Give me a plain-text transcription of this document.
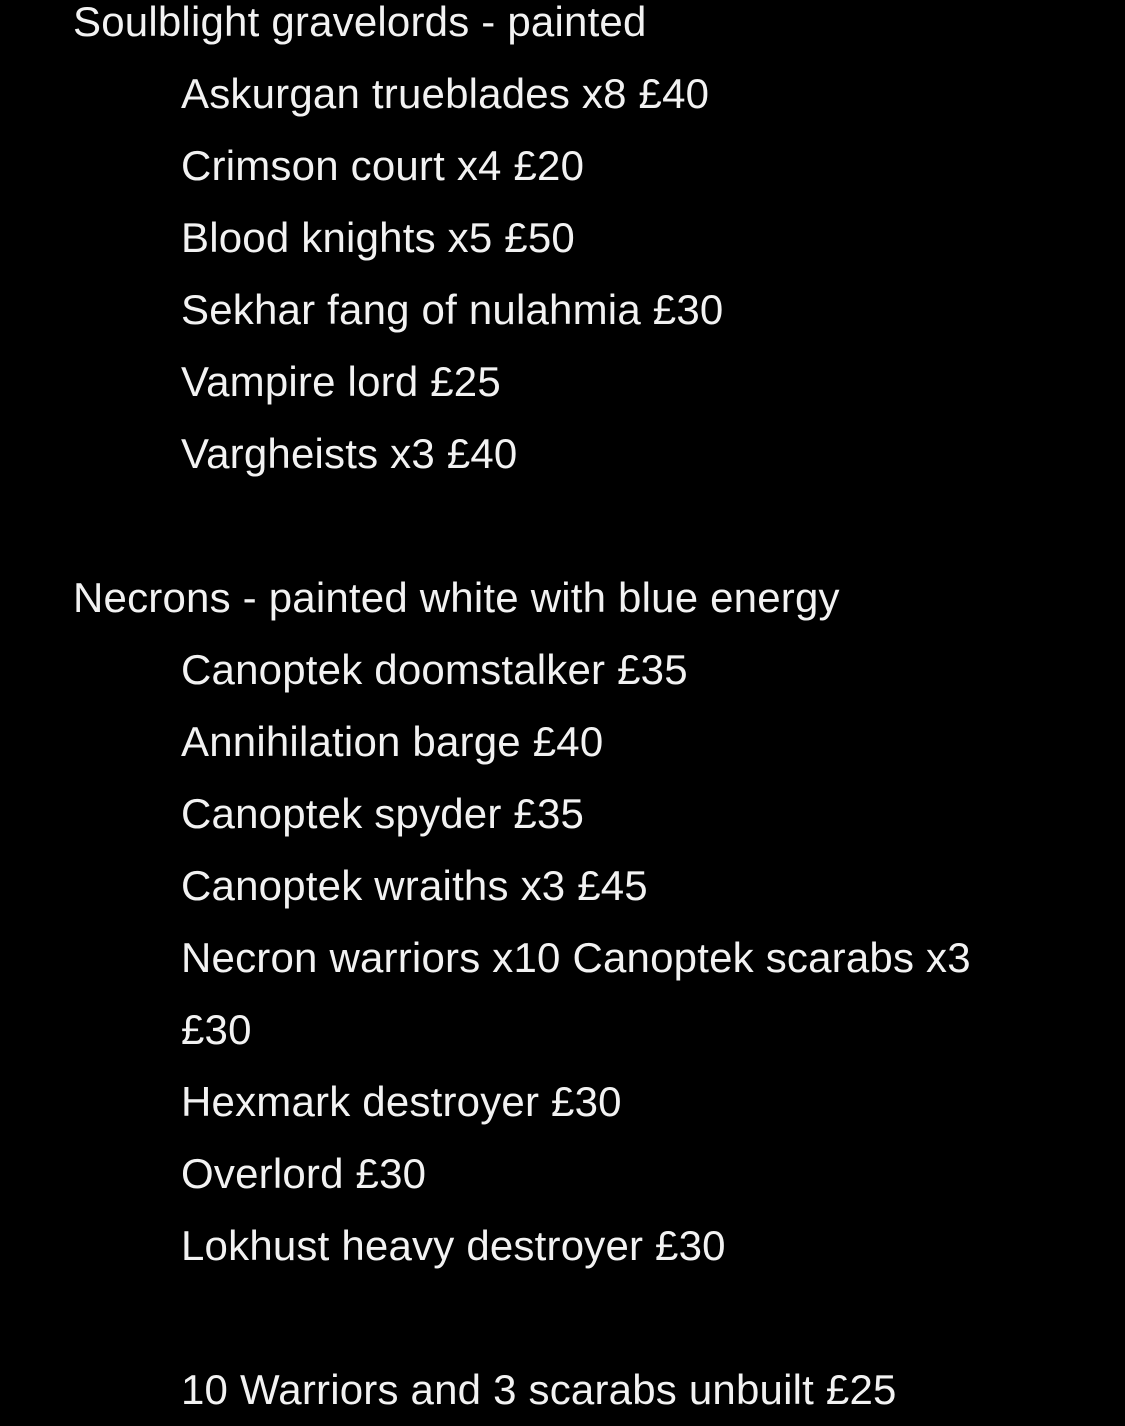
Soulblight gravelords - painted
Askurgan trueblades x8 £40
Crimson court x4 £20
Blood knights x5 £50
Sekhar fang of nulahmia £30
Vampire lord £25
Vargheists x3 £40
Necrons - painted white with blue energy
Canoptek doomstalker £35
Annihilation barge £40
Canoptek spyder £35
Canoptek wraiths x3 £45
Necron warriors x10 Canoptek scarabs x3
£30
Hexmark destroyer £30
Overlord £30
Lokhust heavy destroyer £30
10 Warriors and 3 scarabs unbuilt £25
